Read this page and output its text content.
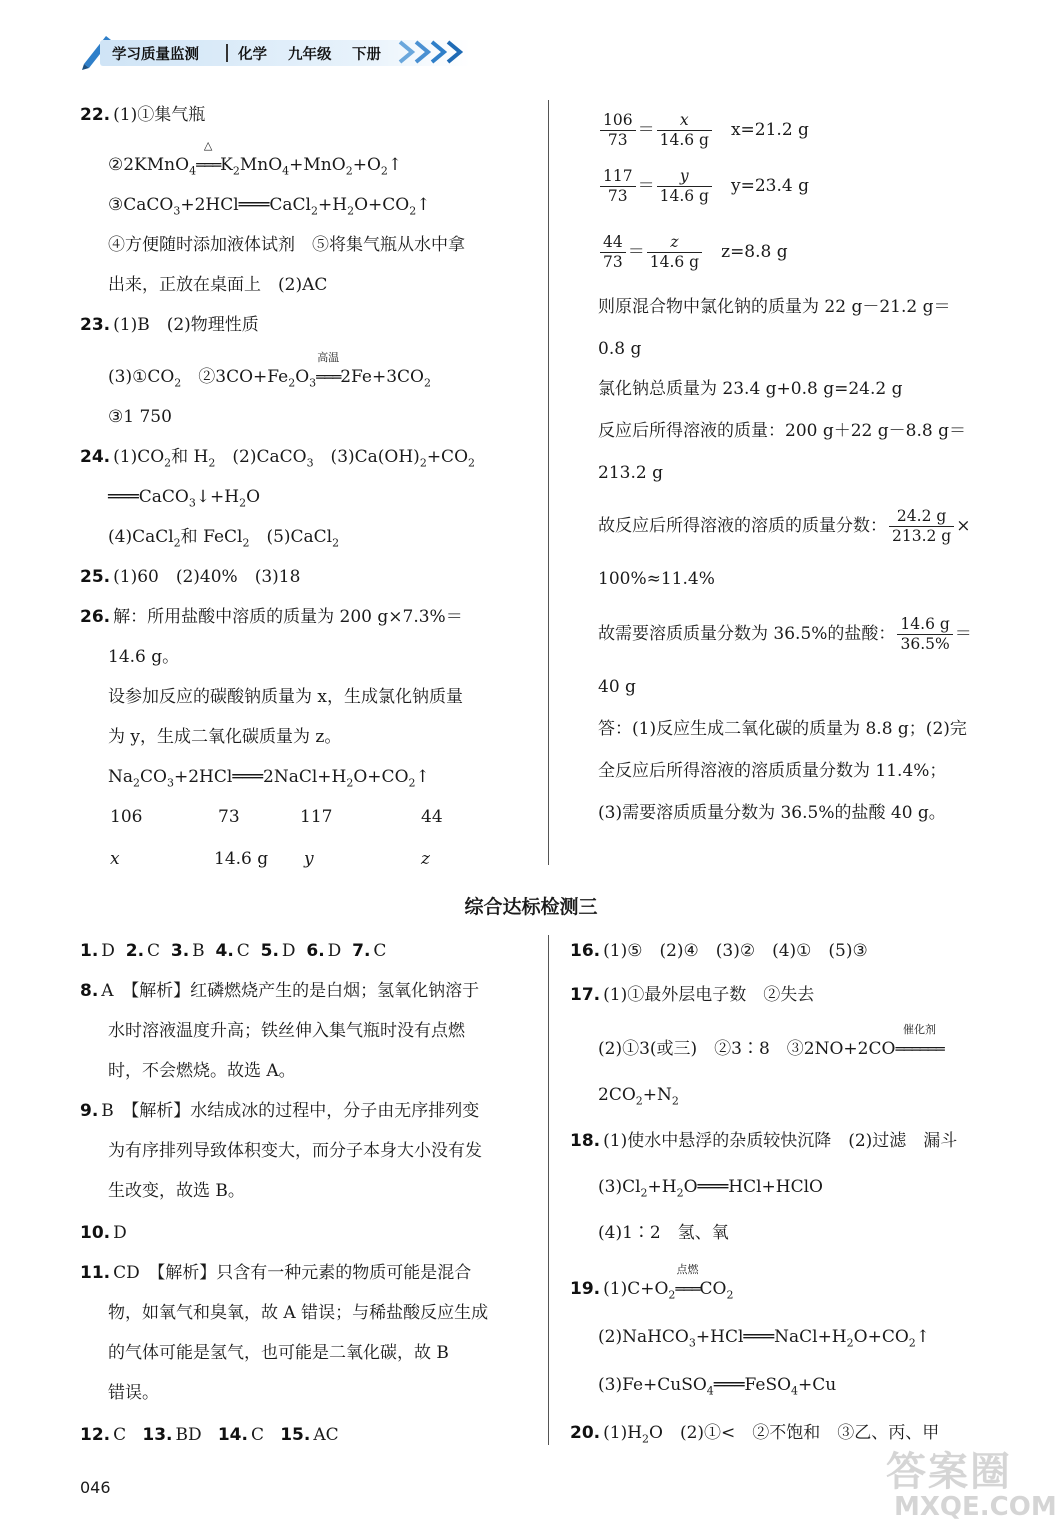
学习质量监测	化学 九年级 下册
22. (1)①集气瓶
②2KMnO$_4$
△
$═══K_2MnO_4+MnO_2+O_2↑$
$③CaCO_3+2HCl═══CaCl_2+H_2O+CO_2↑$
④方便随时添加液体试剂　⑤将集气瓶从水中拿
出来，正放在桌面上　(2)AC
23. (1)B　(2)物理性质
$(3)①CO_2$　$②3CO+Fe_2O_3$
高温
$═══2Fe+3CO_2$
③1 750
24. $(1)CO_2$和 $H_2$　(2)CaCO$_3$　$(3)Ca(OH)_2+CO_2$
$═══CaCO_3↓+H_2O$
(4)CaCl$_2$和 FeCl$_2$　(5)CaCl$_2$
25. (1)60　(2)40%　(3)18
26. 解：所用盐酸中溶质的质量为 200 g×7.3%＝
14.6 g。
设参加反应的碳酸钠质量为 x，生成氯化钠质量
为 y，生成二氧化碳质量为 z。
$Na_2CO_3+2HCl═══2NaCl+H_2O+CO_2↑$
106	73	117	44
x	14.6 g y	z
$\frac{106}{73} = \frac{x}{14.6 g}$
　 x=21.2 g
$\frac{117}{73} = \frac{y}{14.6 g}$
　 y=23.4 g
$\frac{44}{73} = \frac{z}{14.6 g}$
　 z=8.8 g
则原混合物中氯化钠的质量为 22 g－21.2 g＝
0.8 g
氯化钠总质量为 23.4 g+0.8 g=24.2 g
反应后所得溶液的质量：200 g＋22 g－8.8 g＝
213.2 g
故反应后所得溶液的溶质的质量分数： $\frac{24.2 g}{213.2 g}$ ×
100%≈11.4%
故需要溶质质量分数为 36.5%的盐酸： $\frac{14.6 g}{36.5\%}$ ＝
40 g
答：(1)反应生成二氧化碳的质量为 8.8 g；(2)完
全反应后所得溶液的溶质质量分数为 11.4%；
(3)需要溶质质量分数为 36.5%的盐酸 40 g。
综合达标检测三
1. D 2. C 3. B 4. C 5. D 6. D 7. C
8. A　【解析】红磷燃烧产生的是白烟；氢氧化钠溶于
水时溶液温度升高；铁丝伸入集气瓶时没有点燃
时，不会燃烧。故选 A。
9. B　【解析】水结成冰的过程中，分子由无序排列变
为有序排列导致体积变大，而分子本身大小没有发
生改变，故选 B。
10. D
11. CD　【解析】只含有一种元素的物质可能是混合
物，如氧气和臭氧，故 A 错误；与稀盐酸反应生成
的气体可能是氢气，也可能是二氧化碳，故 B
错误。
12. C 13. BD 14. C 15. AC
16. (1)⑤　(2)④　(3)②　(4)①　(5)③
17. (1)①最外层电子数　②失去
(2)①3(或三)　②3∶8　③2NO+2CO
催化剂
══════
$2CO_2+N_2$
18. (1)使水中悬浮的杂质较快沉降　(2)过滤　漏斗
$(3)Cl_2+H_2O═══HCl+HClO$
(4)1∶2　氢、氧
19. $(1)C+O_2$
点燃
$═══CO_2$
$(2)NaHCO_3+HCl═══NaCl+H_2O+CO_2↑$
(3)Fe+CuSO$_4$═══FeSO$_4$+Cu
20. $(1)H_2O$　(2)①<　②不饱和　③乙、丙、甲
046	答案圈
MXQE.COM
